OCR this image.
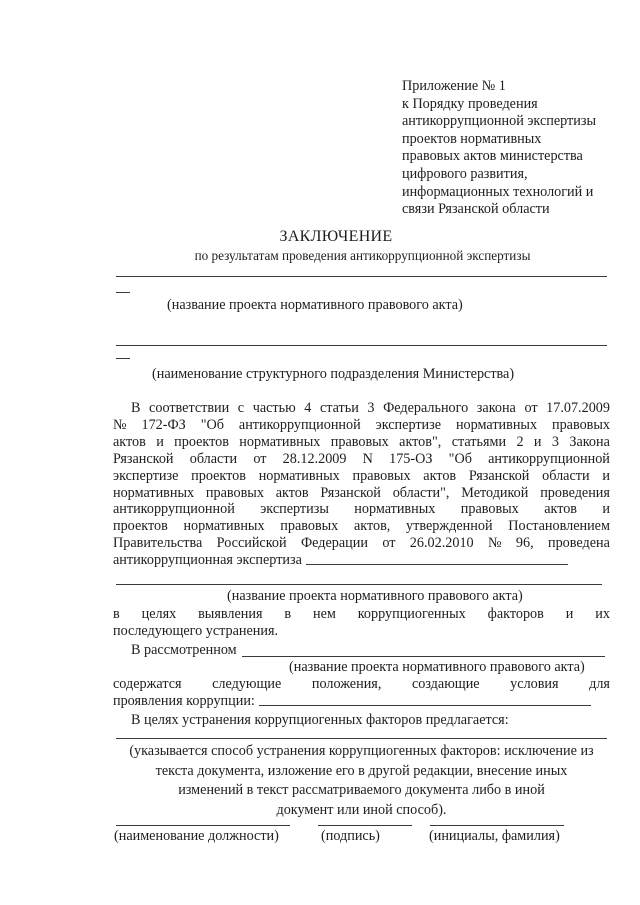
Приложение № 1
к Порядку проведения
антикоррупционной экспертизы
проектов нормативных
правовых актов министерства
цифрового развития,
информационных технологий и
связи Рязанской области
ЗАКЛЮЧЕНИЕ
по результатам проведения антикоррупционной экспертизы
(название проекта нормативного правового акта)
(наименование структурного подразделения Министерства)
В соответствии с частью 4 статьи 3 Федерального закона от 17.07.2009
№ 172-ФЗ "Об антикоррупционной экспертизе нормативных правовых
актов и проектов нормативных правовых актов", статьями 2 и 3 Закона
Рязанской области от 28.12.2009 N 175-ОЗ "Об антикоррупционной
экспертизе проектов нормативных правовых актов Рязанской области и
нормативных правовых актов Рязанской области", Методикой проведения
антикоррупционной экспертизы нормативных правовых актов и
проектов нормативных правовых актов, утвержденной Постановлением
Правительства Российской Федерации от 26.02.2010 № 96, проведена
антикоррупционная экспертиза
(название проекта нормативного правового акта)
в целях выявления в нем коррупциогенных факторов и их
последующего устранения.
В рассмотренном
(название проекта нормативного правового акта)
содержатся следующие положения, создающие условия для
проявления коррупции:
В целях устранения коррупциогенных факторов предлагается:
(указывается способ устранения коррупциогенных факторов: исключение из
текста документа, изложение его в другой редакции, внесение иных
изменений в текст рассматриваемого документа либо в иной
документ или иной способ).
(наименование должности)	(подпись)	(инициалы, фамилия)
